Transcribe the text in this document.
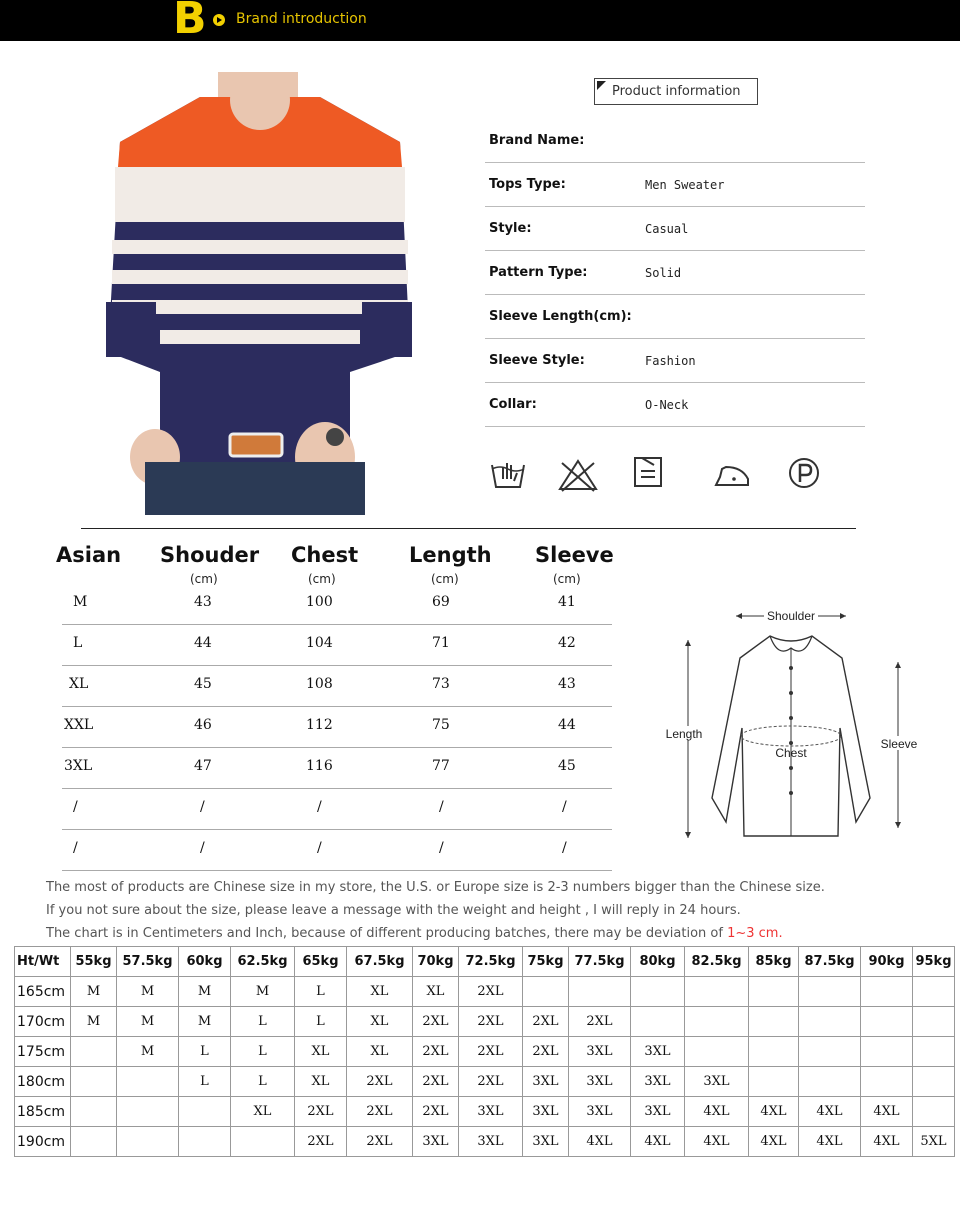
B Brand introduction
Product information
Brand Name:
Tops Type:	Men Sweater
Style:	Casual
Pattern Type:	Solid
Sleeve Length(cm):
Sleeve Style:	Fashion
Collar:	O-Neck
Asian Shouder Chest Length Sleeve
(cm)	(cm)	(cm)	(cm)
M	43	100	69	41
L	44	104	71	42
XL	45	108	73	43
XXL	46	112	75	44
3XL	47	116	77	45
/	/	/	/	/
/	/	/	/	/
Shoulder
Chest
Length
Sleeve
The most of products are Chinese size in my store, the U.S. or Europe size is 2-3 numbers bigger than the Chinese size.
If you not sure about the size, please leave a message with the weight and height , I will reply in 24 hours.
The chart is in Centimeters and Inch, because of different producing batches, there may be deviation of 1~3 cm.
Ht/Wt	55kg	57.5kg	60kg	62.5kg	65kg	67.5kg	70kg	72.5kg	75kg	77.5kg	80kg	82.5kg	85kg	87.5kg	90kg	95kg
165cm	M	M	M	M	L	XL	XL	2XL								
170cm	M	M	M	L	L	XL	2XL	2XL	2XL	2XL						
175cm		M	L	L	XL	XL	2XL	2XL	2XL	3XL	3XL					
180cm			L	L	XL	2XL	2XL	2XL	3XL	3XL	3XL	3XL				
185cm				XL	2XL	2XL	2XL	3XL	3XL	3XL	3XL	4XL	4XL	4XL	4XL	
190cm					2XL	2XL	3XL	3XL	3XL	4XL	4XL	4XL	4XL	4XL	4XL	5XL
